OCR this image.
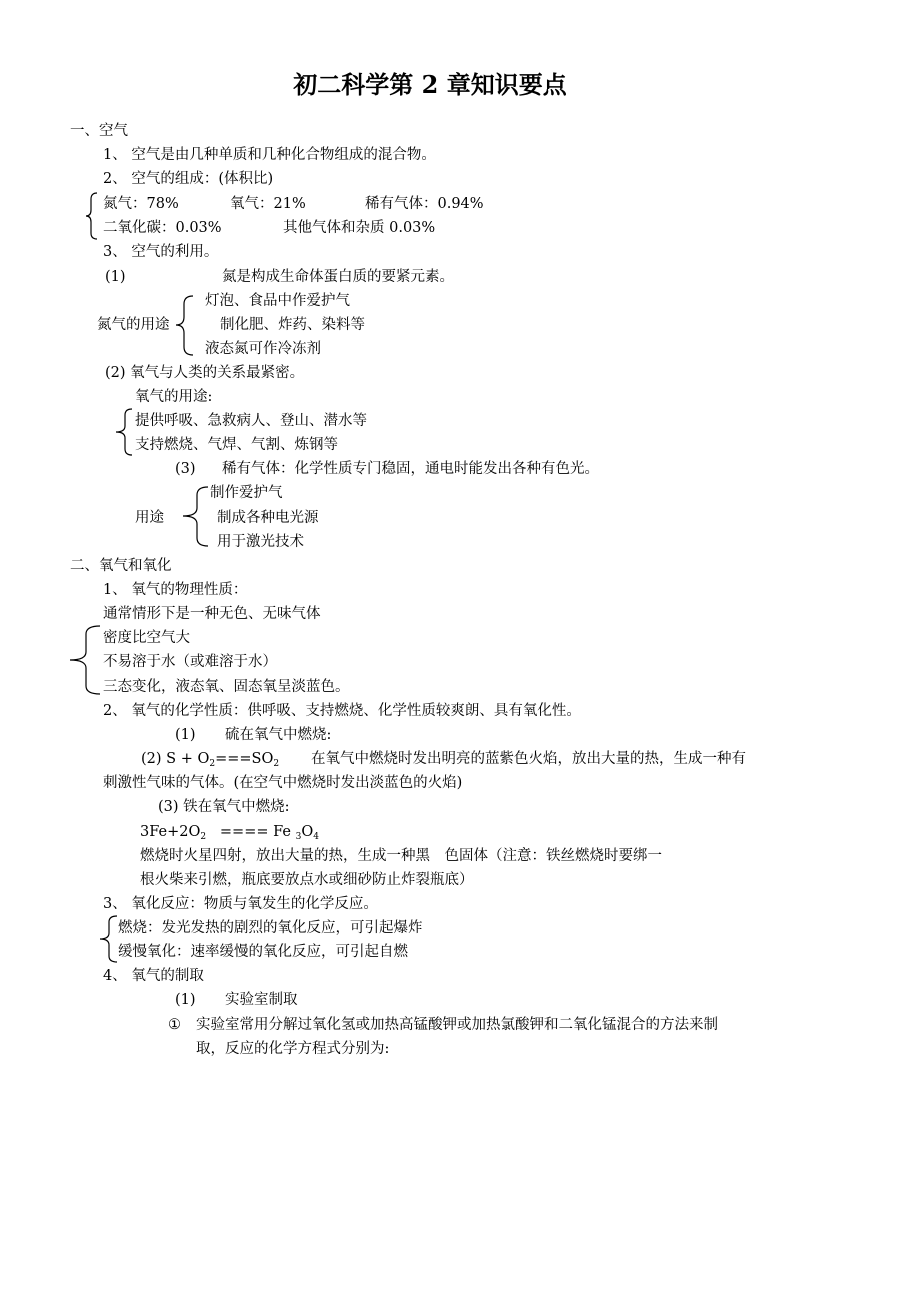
初二科学第 2 章知识要点
一、空气
1、 空气是由几种单质和几种化合物组成的混合物。
2、 空气的组成：(体积比)
氮气：78%	氧气：21%	稀有气体：0.94%
二氧化碳：0.03%	其他气体和杂质 0.03%
3、 空气的利用。
(1)	氮是构成生命体蛋白质的要紧元素。
氮气的用途
灯泡、食品中作爱护气
制化肥、炸药、染料等
液态氮可作冷冻剂
(2) 氧气与人类的关系最紧密。
氧气的用途:
提供呼吸、急救病人、登山、潜水等
支持燃烧、气焊、气割、炼钢等
(3) 稀有气体：化学性质专门稳固，通电时能发出各种有色光。
用途
制作爱护气
制成各种电光源
用于激光技术
二、氧气和氧化
1、 氧气的物理性质：
通常情形下是一种无色、无味气体
密度比空气大
不易溶于水（或难溶于水）
三态变化，液态氧、固态氧呈淡蓝色。
2、 氧气的化学性质：供呼吸、支持燃烧、化学性质较爽朗、具有氧化性。
(1) 硫在氧气中燃烧:
(2) $S + O_2===SO_2$ 在氧气中燃烧时发出明亮的蓝紫色火焰，放出大量的热，生成一种有
刺激性气味的气体。(在空气中燃烧时发出淡蓝色的火焰)
(3) 铁在氧气中燃烧:
$3Fe+2O_2$ ==== Fe $_3O_4$
燃烧时火星四射，放出大量的热，生成一种黑　色固体（注意：铁丝燃烧时要绑一
根火柴来引燃，瓶底要放点水或细砂防止炸裂瓶底）
3、 氧化反应：物质与氧发生的化学反应。
燃烧：发光发热的剧烈的氧化反应，可引起爆炸
缓慢氧化：速率缓慢的氧化反应，可引起自燃
4、 氧气的制取
(1) 实验室制取
① 实验室常用分解过氧化氢或加热高锰酸钾或加热氯酸钾和二氧化锰混合的方法来制
取，反应的化学方程式分别为:
